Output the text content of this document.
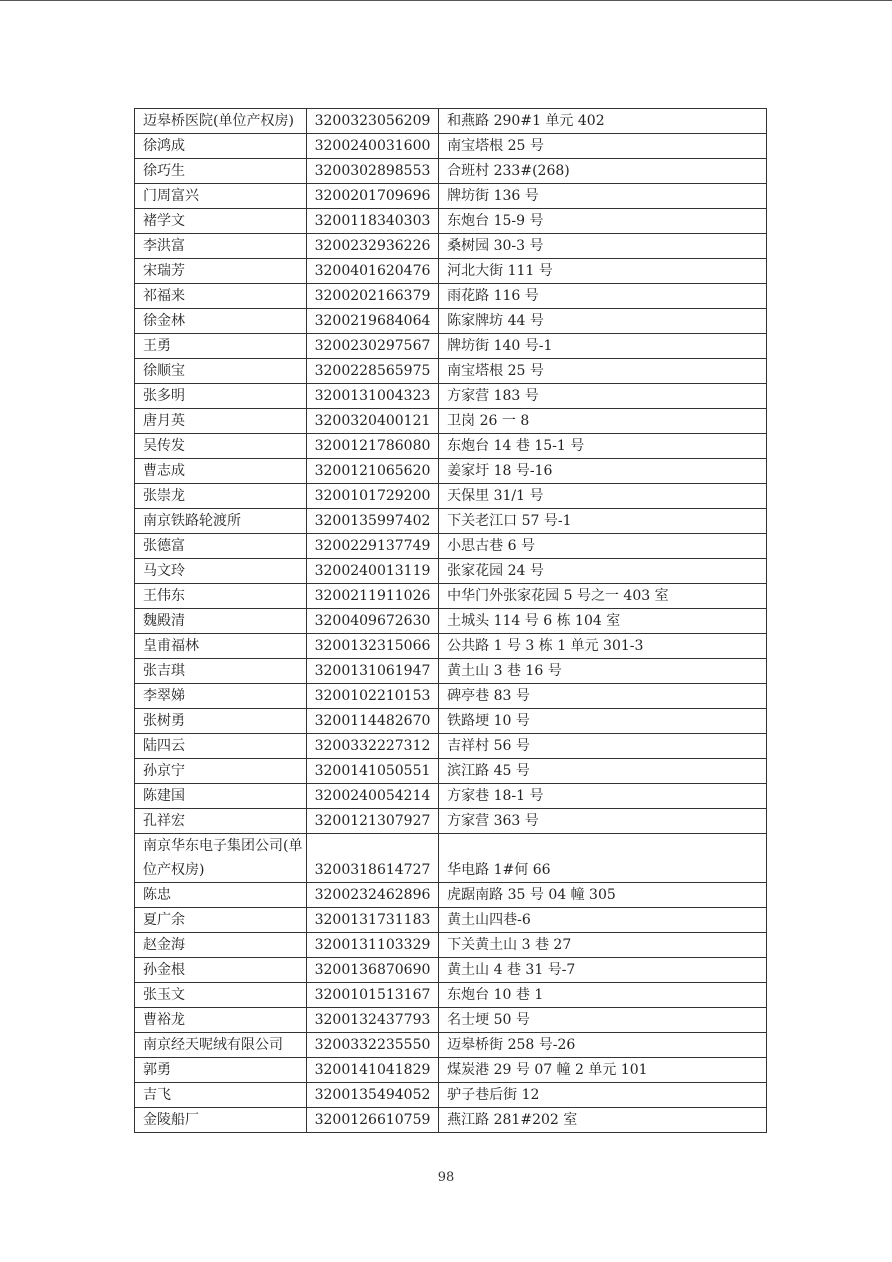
迈皋桥医院(单位产权房)	3200323056209	和燕路 290#1 单元 402
徐鸿成	3200240031600	南宝塔根 25 号
徐巧生	3200302898553	合班村 233#(268)
门周富兴	3200201709696	牌坊街 136 号
褚学文	3200118340303	东炮台 15-9 号
李洪富	3200232936226	桑树园 30-3 号
宋瑞芳	3200401620476	河北大街 111 号
祁福来	3200202166379	雨花路 116 号
徐金林	3200219684064	陈家牌坊 44 号
王勇	3200230297567	牌坊街 140 号-1
徐顺宝	3200228565975	南宝塔根 25 号
张多明	3200131004323	方家营 183 号
唐月英	3200320400121	卫岗 26 一 8
吴传发	3200121786080	东炮台 14 巷 15-1 号
曹志成	3200121065620	姜家圩 18 号-16
张崇龙	3200101729200	天保里 31/1 号
南京铁路轮渡所	3200135997402	下关老江口 57 号-1
张德富	3200229137749	小思古巷 6 号
马文玲	3200240013119	张家花园 24 号
王伟东	3200211911026	中华门外张家花园 5 号之一 403 室
魏殿清	3200409672630	土城头 114 号 6 栋 104 室
皇甫福林	3200132315066	公共路 1 号 3 栋 1 单元 301-3
张吉琪	3200131061947	黄土山 3 巷 16 号
李翠娣	3200102210153	碑亭巷 83 号
张树勇	3200114482670	铁路埂 10 号
陆四云	3200332227312	吉祥村 56 号
孙京宁	3200141050551	滨江路 45 号
陈建国	3200240054214	方家巷 18-1 号
孔祥宏	3200121307927	方家营 363 号
南京华东电子集团公司(单位产权房)	3200318614727	华电路 1#何 66
陈忠	3200232462896	虎踞南路 35 号 04 幢 305
夏广余	3200131731183	黄土山四巷-6
赵金海	3200131103329	下关黄土山 3 巷 27
孙金根	3200136870690	黄土山 4 巷 31 号-7
张玉文	3200101513167	东炮台 10 巷 1
曹裕龙	3200132437793	名士埂 50 号
南京经天呢绒有限公司	3200332235550	迈皋桥街 258 号-26
郭勇	3200141041829	煤炭港 29 号 07 幢 2 单元 101
吉飞	3200135494052	驴子巷后街 12
金陵船厂	3200126610759	燕江路 281#202 室
98
